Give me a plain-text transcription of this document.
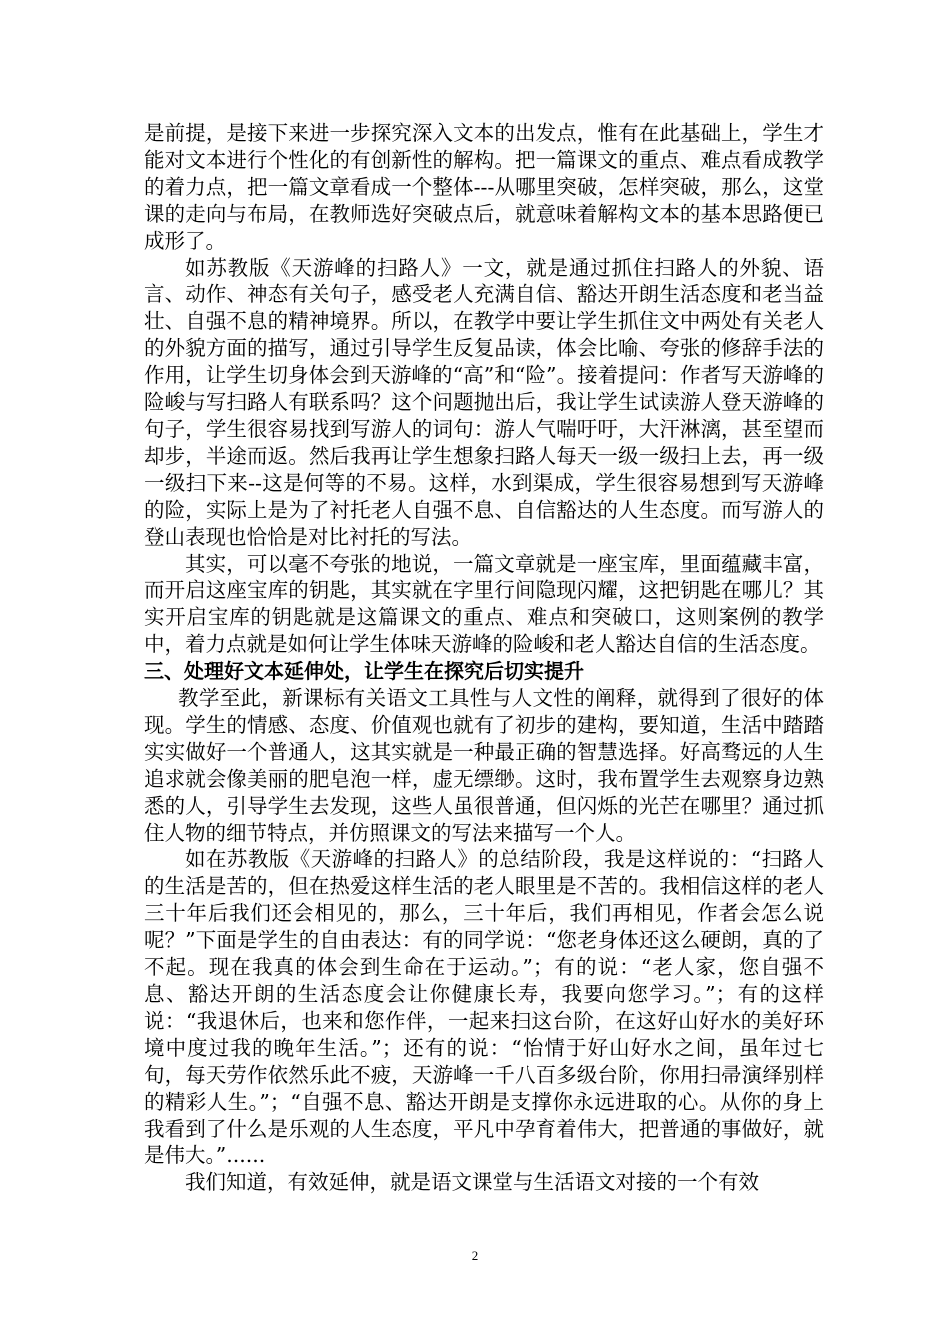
是前提，是接下来进一步探究深入文本的出发点，惟有在此基础上，学生才能对文本进行个性化的有创新性的解构。把一篇课文的重点、难点看成教学的着力点，把一篇文章看成一个整体---从哪里突破，怎样突破，那么，这堂课的走向与布局，在教师选好突破点后，就意味着解构文本的基本思路便已成形了。

如苏教版《天游峰的扫路人》一文，就是通过抓住扫路人的外貌、语言、动作、神态有关句子，感受老人充满自信、豁达开朗生活态度和老当益壮、自强不息的精神境界。所以，在教学中要让学生抓住文中两处有关老人的外貌方面的描写，通过引导学生反复品读，体会比喻、夸张的修辞手法的作用，让学生切身体会到天游峰的“高”和“险”。接着提问：作者写天游峰的险峻与写扫路人有联系吗？这个问题抛出后，我让学生试读游人登天游峰的句子，学生很容易找到写游人的词句：游人气喘吁吁，大汗淋漓，甚至望而却步，半途而返。然后我再让学生想象扫路人每天一级一级扫上去，再一级一级扫下来--这是何等的不易。这样，水到渠成，学生很容易想到写天游峰的险，实际上是为了衬托老人自强不息、自信豁达的人生态度。而写游人的登山表现也恰恰是对比衬托的写法。

其实，可以毫不夸张的地说，一篇文章就是一座宝库，里面蕴藏丰富，而开启这座宝库的钥匙，其实就在字里行间隐现闪耀，这把钥匙在哪儿？其实开启宝库的钥匙就是这篇课文的重点、难点和突破口，这则案例的教学中，着力点就是如何让学生体味天游峰的险峻和老人豁达自信的生活态度。

三、处理好文本延伸处，让学生在探究后切实提升

教学至此，新课标有关语文工具性与人文性的阐释，就得到了很好的体现。学生的情感、态度、价值观也就有了初步的建构，要知道，生活中踏踏实实做好一个普通人，这其实就是一种最正确的智慧选择。好高骛远的人生追求就会像美丽的肥皂泡一样，虚无缥缈。这时，我布置学生去观察身边熟悉的人，引导学生去发现，这些人虽很普通，但闪烁的光芒在哪里？通过抓住人物的细节特点，并仿照课文的写法来描写一个人。

如在苏教版《天游峰的扫路人》的总结阶段，我是这样说的：“扫路人的生活是苦的，但在热爱这样生活的老人眼里是不苦的。我相信这样的老人三十年后我们还会相见的，那么，三十年后，我们再相见，作者会怎么说呢？”下面是学生的自由表达：有的同学说：“您老身体还这么硬朗，真的了不起。现在我真的体会到生命在于运动。”；有的说：“老人家，您自强不息、豁达开朗的生活态度会让你健康长寿，我要向您学习。”；有的这样说：“我退休后，也来和您作伴，一起来扫这台阶，在这好山好水的美好环境中度过我的晚年生活。”；还有的说：“怡情于好山好水之间，虽年过七旬，每天劳作依然乐此不疲，天游峰一千八百多级台阶，你用扫帚演绎别样的精彩人生。”；“自强不息、豁达开朗是支撑你永远进取的心。从你的身上我看到了什么是乐观的人生态度，平凡中孕育着伟大，把普通的事做好，就是伟大。”......

我们知道，有效延伸，就是语文课堂与生活语文对接的一个有效

2
